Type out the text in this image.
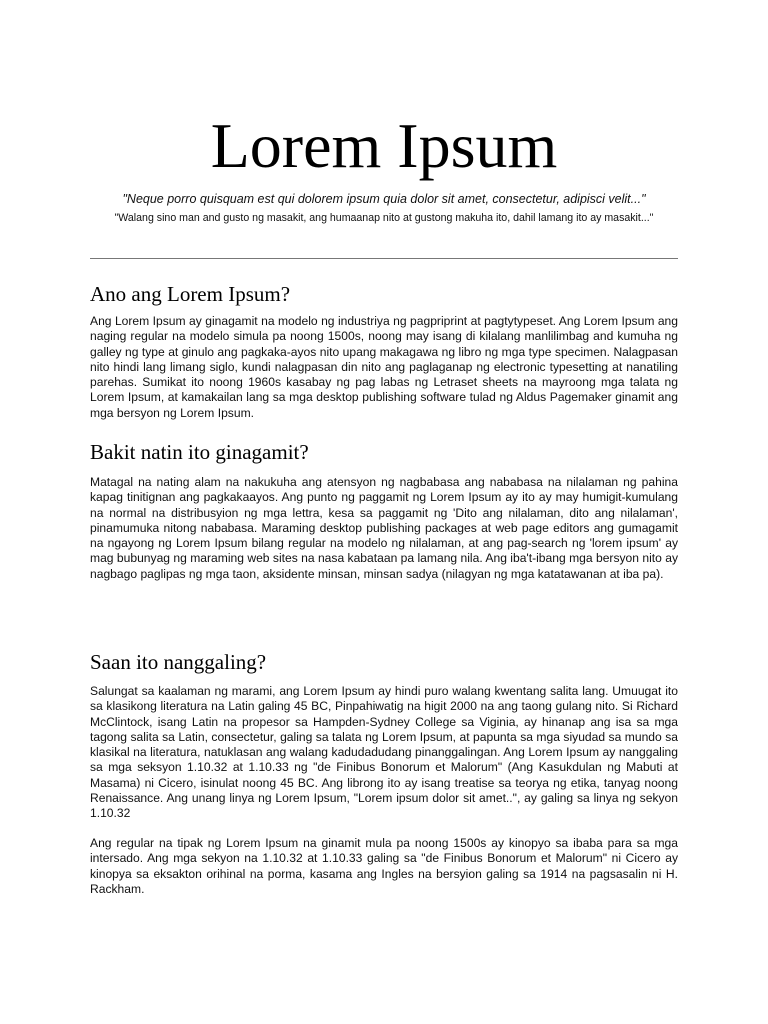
Lorem Ipsum

"Neque porro quisquam est qui dolorem ipsum quia dolor sit amet, consectetur, adipisci velit..."

"Walang sino man and gusto ng masakit, ang humaanap nito at gustong makuha ito, dahil lamang ito ay masakit..."

Ano ang Lorem Ipsum?

Ang Lorem Ipsum ay ginagamit na modelo ng industriya ng pagpriprint at pagtytypeset. Ang Lorem Ipsum ang naging regular na modelo simula pa noong 1500s, noong may isang di kilalang manlilimbag and kumuha ng galley ng type at ginulo ang pagkaka-ayos nito upang makagawa ng libro ng mga type specimen. Nalagpasan nito hindi lang limang siglo, kundi nalagpasan din nito ang paglaganap ng electronic typesetting at nanatiling parehas. Sumikat ito noong 1960s kasabay ng pag labas ng Letraset sheets na mayroong mga talata ng Lorem Ipsum, at kamakailan lang sa mga desktop publishing software tulad ng Aldus Pagemaker ginamit ang mga bersyon ng Lorem Ipsum.

Bakit natin ito ginagamit?

Matagal na nating alam na nakukuha ang atensyon ng nagbabasa ang nababasa na nilalaman ng pahina kapag tinitignan ang pagkakaayos. Ang punto ng paggamit ng Lorem Ipsum ay ito ay may humigit-kumulang na normal na distribusyion ng mga lettra, kesa sa paggamit ng 'Dito ang nilalaman, dito ang nilalaman', pinamumuka nitong nababasa. Maraming desktop publishing packages at web page editors ang gumagamit na ngayong ng Lorem Ipsum bilang regular na modelo ng nilalaman, at ang pag-search ng 'lorem ipsum' ay mag bubunyag ng maraming web sites na nasa kabataan pa lamang nila. Ang iba't-ibang mga bersyon nito ay nagbago paglipas ng mga taon, aksidente minsan, minsan sadya (nilagyan ng mga katatawanan at iba pa).

Saan ito nanggaling?

Salungat sa kaalaman ng marami, ang Lorem Ipsum ay hindi puro walang kwentang salita lang. Umuugat ito sa klasikong literatura na Latin galing 45 BC, Pinpahiwatig na higit 2000 na ang taong gulang nito. Si Richard McClintock, isang Latin na propesor sa Hampden-Sydney College sa Viginia, ay hinanap ang isa sa mga tagong salita sa Latin, consectetur, galing sa talata ng Lorem Ipsum, at papunta sa mga siyudad sa mundo sa klasikal na literatura, natuklasan ang walang kadudadudang pinanggalingan. Ang Lorem Ipsum ay nanggaling sa mga seksyon 1.10.32 at 1.10.33 ng "de Finibus Bonorum et Malorum" (Ang Kasukdulan ng Mabuti at Masama) ni Cicero, isinulat noong 45 BC. Ang librong ito ay isang treatise sa teorya ng etika, tanyag noong Renaissance. Ang unang linya ng Lorem Ipsum, "Lorem ipsum dolor sit amet..", ay galing sa linya ng sekyon 1.10.32

Ang regular na tipak ng Lorem Ipsum na ginamit mula pa noong 1500s ay kinopyo sa ibaba para sa mga intersado. Ang mga sekyon na 1.10.32 at 1.10.33 galing sa "de Finibus Bonorum et Malorum" ni Cicero ay kinopya sa eksakton orihinal na porma, kasama ang Ingles na bersyion galing sa 1914 na pagsasalin ni H. Rackham.
